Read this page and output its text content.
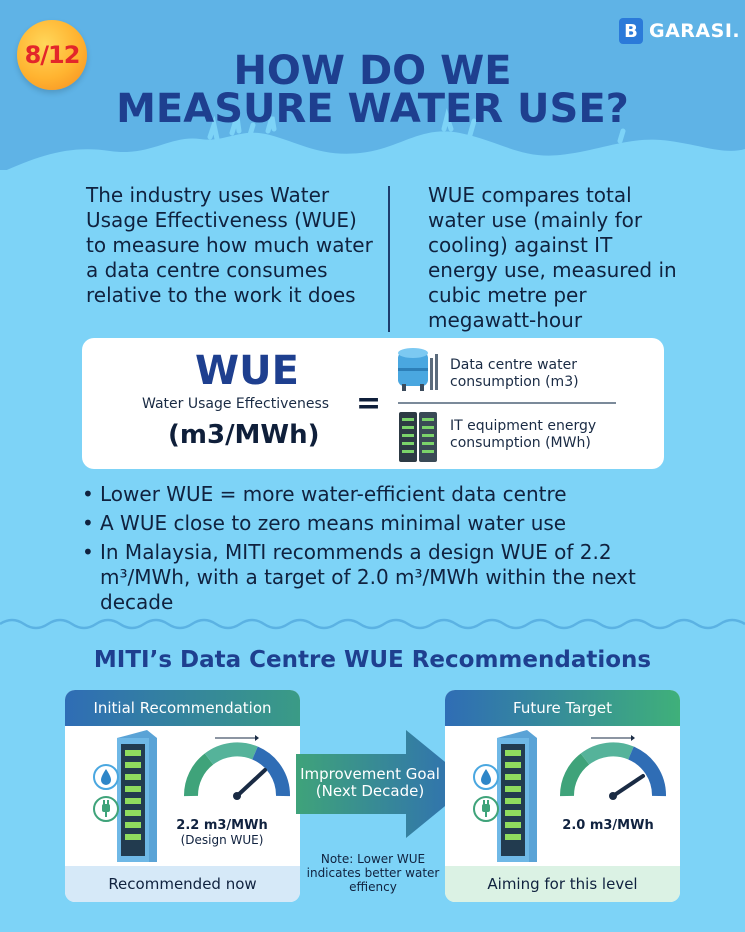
8/12
B GARASI.
HOW DO WE
MEASURE WATER USE?
The industry uses Water Usage Effectiveness (WUE) to measure how much water a data centre consumes relative to the work it does
WUE compares total water use (mainly for cooling) against IT energy use, measured in cubic metre per megawatt-hour
WUE
Water Usage Effectiveness
(m3/MWh)
=
Data centre water consumption (m3)
IT equipment energy consumption (MWh)
• Lower WUE = more water-efficient data centre
• A WUE close to zero means minimal water use
• In Malaysia, MITI recommends a design WUE of 2.2 m³/MWh, with a target of 2.0 m³/MWh within the next decade
MITI’s Data Centre WUE Recommendations
Initial Recommendation
2.2 m3/MWh
(Design WUE)
Recommended now
Improvement Goal
(Next Decade)
Note: Lower WUE indicates better water effiency
Future Target
2.0 m3/MWh
Aiming for this level
